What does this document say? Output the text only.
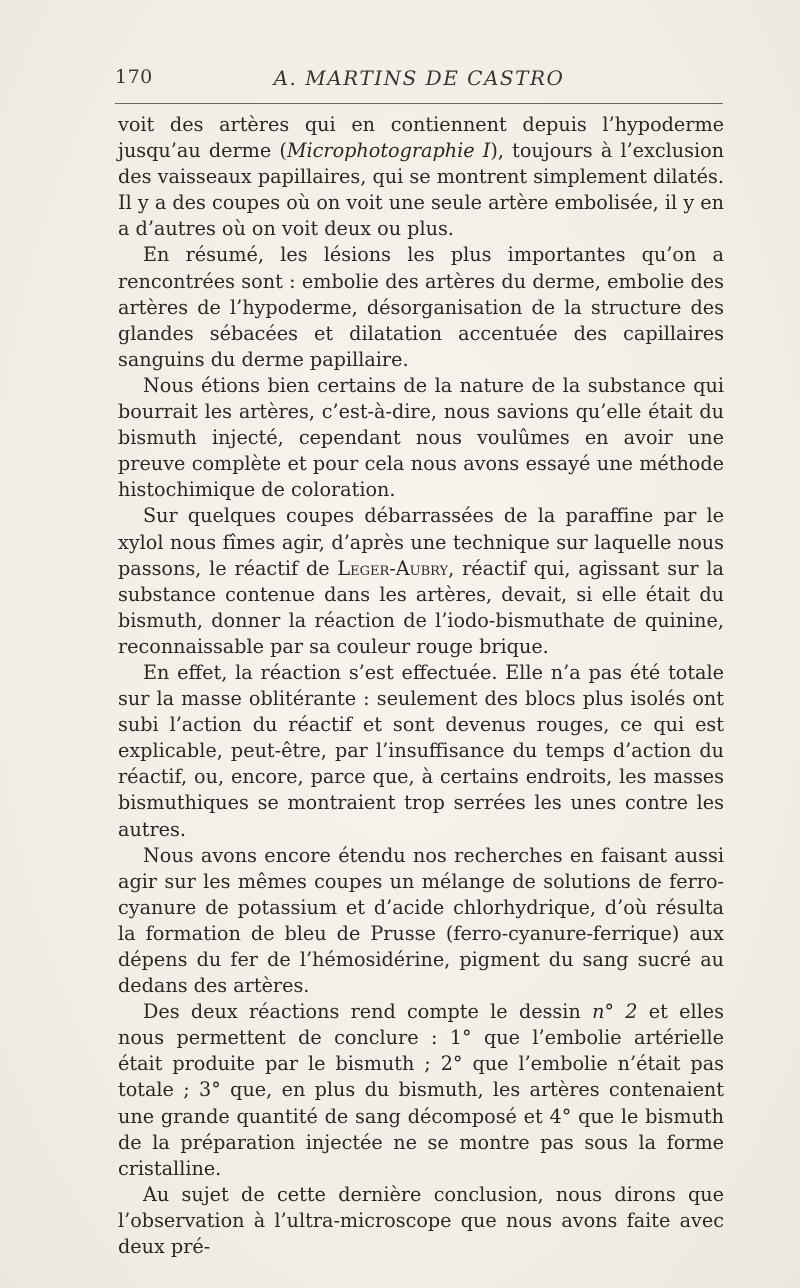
170	A. MARTINS DE CASTRO

voit des artères qui en contiennent depuis l’hypoderme jusqu’au derme (Microphotographie I), toujours à l’exclusion des vaisseaux papillaires, qui se montrent simplement dilatés. Il y a des coupes où on voit une seule artère embolisée, il y en a d’autres où on voit deux ou plus.

En résumé, les lésions les plus importantes qu’on a rencontrées sont : embolie des artères du derme, embolie des artères de l’hypoderme, désorganisation de la structure des glandes sébacées et dilatation accentuée des capillaires sanguins du derme papillaire.

Nous étions bien certains de la nature de la substance qui bourrait les artères, c’est-à-dire, nous savions qu’elle était du bismuth injecté, cependant nous voulûmes en avoir une preuve complète et pour cela nous avons essayé une méthode histochimique de coloration.

Sur quelques coupes débarrassées de la paraffine par le xylol nous fîmes agir, d’après une technique sur laquelle nous passons, le réactif de Leger-Aubry, réactif qui, agissant sur la substance contenue dans les artères, devait, si elle était du bismuth, donner la réaction de l’iodo-bismuthate de quinine, reconnaissable par sa couleur rouge brique.

En effet, la réaction s’est effectuée. Elle n’a pas été totale sur la masse oblitérante : seulement des blocs plus isolés ont subi l’action du réactif et sont devenus rouges, ce qui est explicable, peut-être, par l’insuffisance du temps d’action du réactif, ou, encore, parce que, à certains endroits, les masses bismuthiques se montraient trop serrées les unes contre les autres.

Nous avons encore étendu nos recherches en faisant aussi agir sur les mêmes coupes un mélange de solutions de ferro-cyanure de potassium et d’acide chlorhydrique, d’où résulta la formation de bleu de Prusse (ferro-cyanure-ferrique) aux dépens du fer de l’hémosidérine, pigment du sang sucré au dedans des artères.

Des deux réactions rend compte le dessin n° 2 et elles nous permettent de conclure : 1° que l’embolie artérielle était produite par le bismuth ; 2° que l’embolie n’était pas totale ; 3° que, en plus du bismuth, les artères contenaient une grande quantité de sang décomposé et 4° que le bismuth de la préparation injectée ne se montre pas sous la forme cristalline.

Au sujet de cette dernière conclusion, nous dirons que l’observation à l’ultra-microscope que nous avons faite avec deux pré-
